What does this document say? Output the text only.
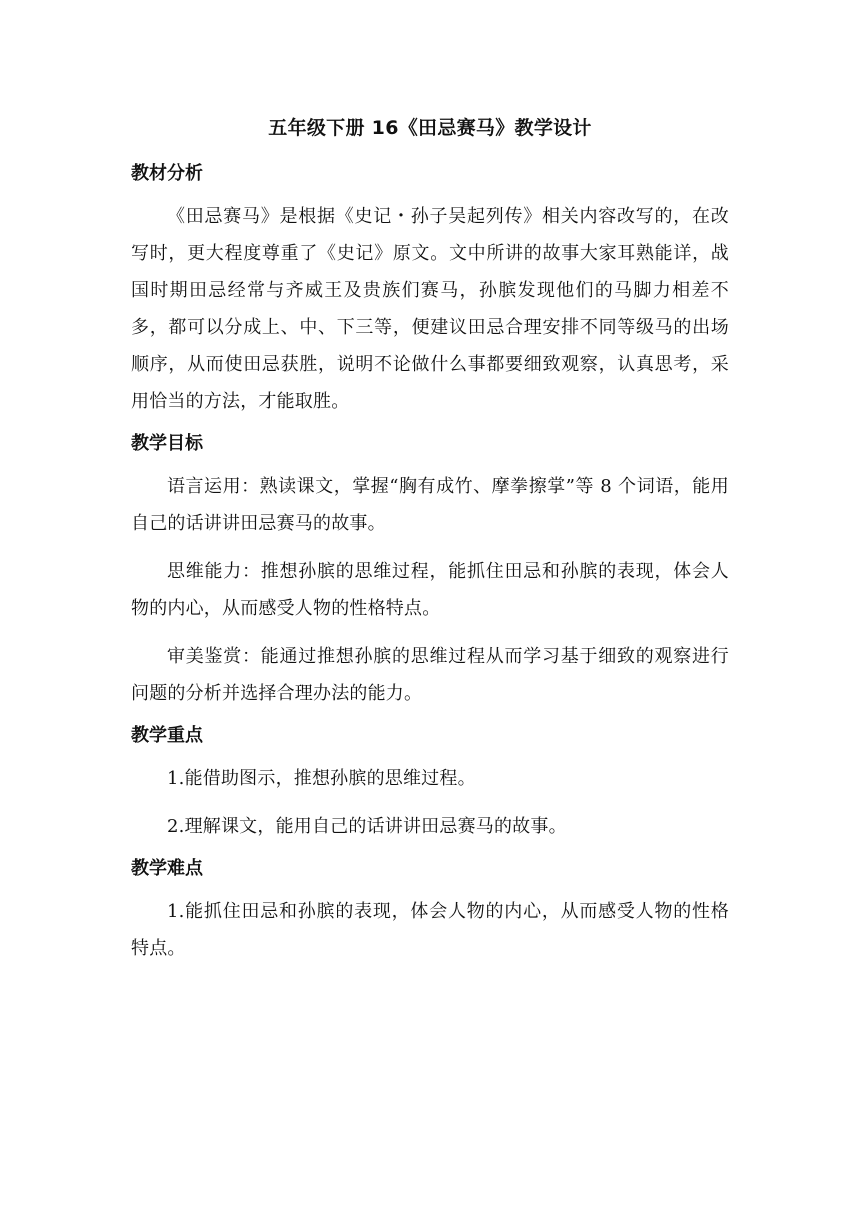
五年级下册 16《田忌赛马》教学设计
教材分析

《田忌赛马》是根据《史记・孙子吴起列传》相关内容改写的，在改写时，更大程度尊重了《史记》原文。文中所讲的故事大家耳熟能详，战国时期田忌经常与齐威王及贵族们赛马，孙膑发现他们的马脚力相差不多，都可以分成上、中、下三等，便建议田忌合理安排不同等级马的出场顺序，从而使田忌获胜，说明不论做什么事都要细致观察，认真思考，采用恰当的方法，才能取胜。

教学目标

语言运用：熟读课文，掌握“胸有成竹、摩拳擦掌”等 8 个词语，能用自己的话讲讲田忌赛马的故事。

思维能力：推想孙膑的思维过程，能抓住田忌和孙膑的表现，体会人物的内心，从而感受人物的性格特点。

审美鉴赏：能通过推想孙膑的思维过程从而学习基于细致的观察进行问题的分析并选择合理办法的能力。

教学重点

1.能借助图示，推想孙膑的思维过程。

2.理解课文，能用自己的话讲讲田忌赛马的故事。

教学难点

1.能抓住田忌和孙膑的表现，体会人物的内心，从而感受人物的性格特点。
